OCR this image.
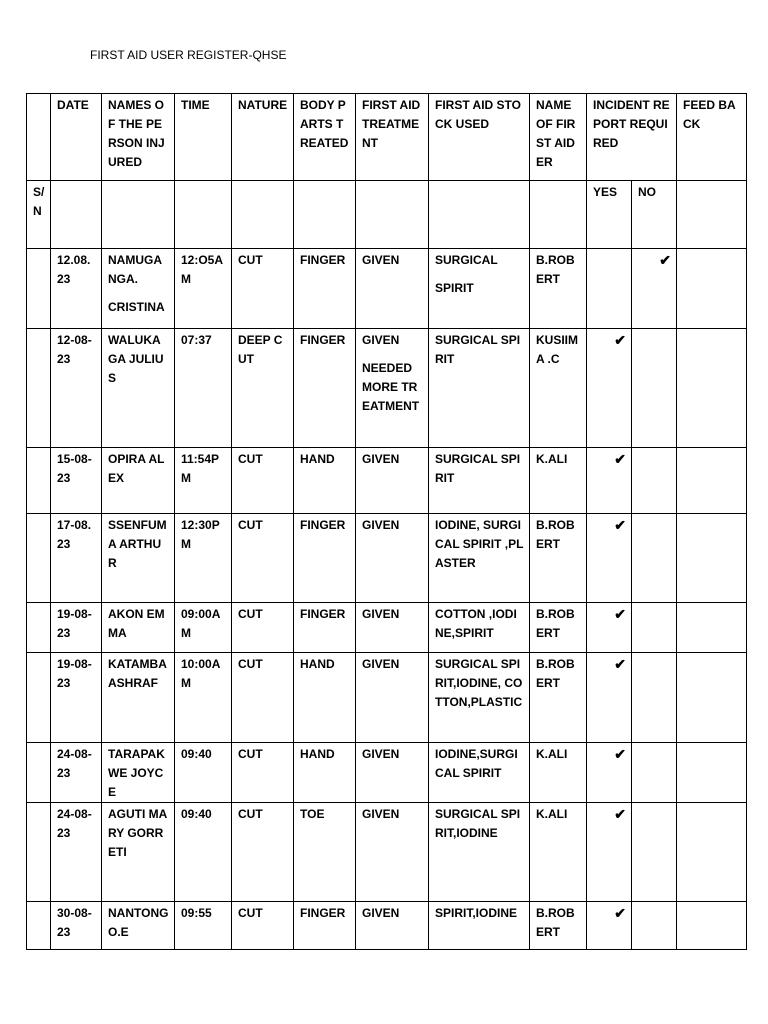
FIRST AID USER REGISTER-QHSE
	DATE	NAMES OF THE PERSON INJURED	TIME	NATURE	BODY PARTS TREATED	FIRST AID TREATMENT	FIRST AID STOCK USED	NAME OF FIRST AIDER	INCIDENT REPORT REQUIRED		FEED BACK
S/N									YES	NO	

	12.08.23	NAMUGANGA.
CRISTINA	12:O5AM	CUT	FINGER	GIVEN	SURGICAL
SPIRIT	B.ROBERT		✔	

	12-08-23	WALUKAGA JULIUS	07:37	DEEP CUT	FINGER	GIVEN
NEEDED MORE TREATMENT	SURGICAL SPIRIT	KUSIIMA .C	✔		

	15-08-23	OPIRA ALEX	11:54PM	CUT	HAND	GIVEN	SURGICAL SPIRIT	K.ALI	✔		

	17-08.23	SSENFUMA ARTHUR	12:30PM	CUT	FINGER	GIVEN	IODINE, SURGICAL SPIRIT ,PLASTER	B.ROBERT	✔		

	19-08-23	AKON EMMA	09:00AM	CUT	FINGER	GIVEN	COTTON ,IODINE,SPIRIT	B.ROBERT	✔		

	19-08-23	KATAMBA ASHRAF	10:00AM	CUT	HAND	GIVEN	SURGICAL SPIRIT,IODINE, COTTON,PLASTIC	B.ROBERT	✔		

	24-08-23	TARAPAKWE JOYCE	09:40	CUT	HAND	GIVEN	IODINE,SURGICAL SPIRIT	K.ALI	✔		

	24-08-23	AGUTI MARY GORRETI	09:40	CUT	TOE	GIVEN	SURGICAL SPIRIT,IODINE	K.ALI	✔		

	30-08-23	NANTONGO.E	09:55	CUT	FINGER	GIVEN	SPIRIT,IODINE	B.ROBERT	✔		
